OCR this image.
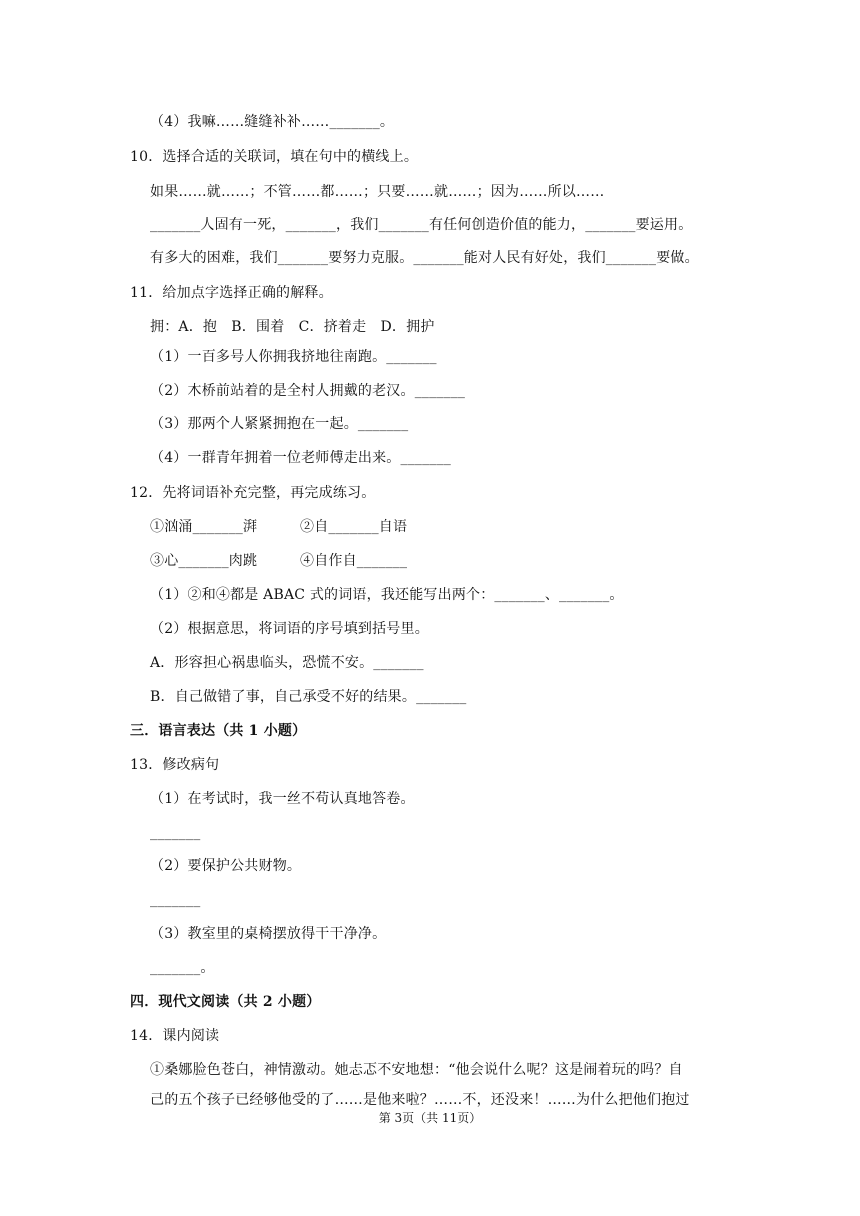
（4）我嘛……缝缝补补……_______。
10．选择合适的关联词，填在句中的横线上。
如果……就……；不管……都……；只要……就……；因为……所以……
_______人固有一死，_______，我们_______有任何创造价值的能力，_______要运用。
有多大的困难，我们_______要努力克服。_______能对人民有好处，我们_______要做。
11．给加点字选择正确的解释。
拥：A．抱　B．围着　C．挤着走　D．拥护
（1）一百多号人你拥我挤地往南跑。_______
（2）木桥前站着的是全村人拥戴的老汉。_______
（3）那两个人紧紧拥抱在一起。_______
（4）一群青年拥着一位老师傅走出来。_______
12．先将词语补充完整，再完成练习。
①汹涌_______湃	②自_______自语
③心_______肉跳	④自作自_______
（1）②和④都是 ABAC 式的词语，我还能写出两个：_______、_______。
（2）根据意思，将词语的序号填到括号里。
A．形容担心祸患临头，恐慌不安。_______
B．自己做错了事，自己承受不好的结果。_______
三．语言表达（共 1 小题）
13．修改病句
（1）在考试时，我一丝不苟认真地答卷。
_______
（2）要保护公共财物。
_______
（3）教室里的桌椅摆放得干干净净。
_______。
四．现代文阅读（共 2 小题）
14．课内阅读
①桑娜脸色苍白，神情激动。她忐忑不安地想：“他会说什么呢？这是闹着玩的吗？自
己的五个孩子已经够他受的了……是他来啦？……不，还没来！……为什么把他们抱过
第 3页（共 11页）
